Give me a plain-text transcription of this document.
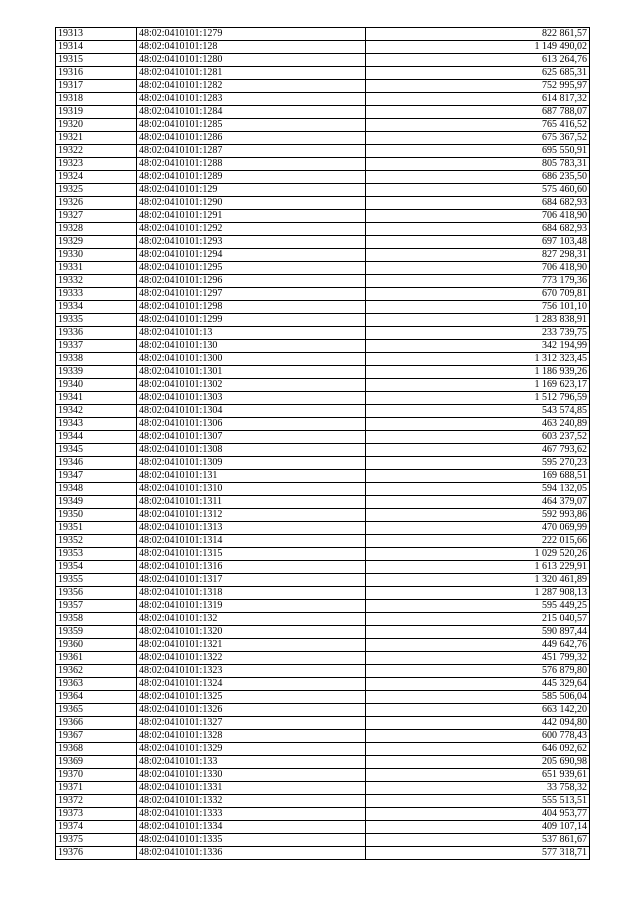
19313	48:02:0410101:1279	822 861,57
19314	48:02:0410101:128	1 149 490,02
19315	48:02:0410101:1280	613 264,76
19316	48:02:0410101:1281	625 685,31
19317	48:02:0410101:1282	752 995,97
19318	48:02:0410101:1283	614 817,32
19319	48:02:0410101:1284	687 788,07
19320	48:02:0410101:1285	765 416,52
19321	48:02:0410101:1286	675 367,52
19322	48:02:0410101:1287	695 550,91
19323	48:02:0410101:1288	805 783,31
19324	48:02:0410101:1289	686 235,50
19325	48:02:0410101:129	575 460,60
19326	48:02:0410101:1290	684 682,93
19327	48:02:0410101:1291	706 418,90
19328	48:02:0410101:1292	684 682,93
19329	48:02:0410101:1293	697 103,48
19330	48:02:0410101:1294	827 298,31
19331	48:02:0410101:1295	706 418,90
19332	48:02:0410101:1296	773 179,36
19333	48:02:0410101:1297	670 709,81
19334	48:02:0410101:1298	756 101,10
19335	48:02:0410101:1299	1 283 838,91
19336	48:02:0410101:13	233 739,75
19337	48:02:0410101:130	342 194,99
19338	48:02:0410101:1300	1 312 323,45
19339	48:02:0410101:1301	1 186 939,26
19340	48:02:0410101:1302	1 169 623,17
19341	48:02:0410101:1303	1 512 796,59
19342	48:02:0410101:1304	543 574,85
19343	48:02:0410101:1306	463 240,89
19344	48:02:0410101:1307	603 237,52
19345	48:02:0410101:1308	467 793,62
19346	48:02:0410101:1309	595 270,23
19347	48:02:0410101:131	169 688,51
19348	48:02:0410101:1310	594 132,05
19349	48:02:0410101:1311	464 379,07
19350	48:02:0410101:1312	592 993,86
19351	48:02:0410101:1313	470 069,99
19352	48:02:0410101:1314	222 015,66
19353	48:02:0410101:1315	1 029 520,26
19354	48:02:0410101:1316	1 613 229,91
19355	48:02:0410101:1317	1 320 461,89
19356	48:02:0410101:1318	1 287 908,13
19357	48:02:0410101:1319	595 449,25
19358	48:02:0410101:132	215 040,57
19359	48:02:0410101:1320	590 897,44
19360	48:02:0410101:1321	449 642,76
19361	48:02:0410101:1322	451 799,32
19362	48:02:0410101:1323	576 879,80
19363	48:02:0410101:1324	445 329,64
19364	48:02:0410101:1325	585 506,04
19365	48:02:0410101:1326	663 142,20
19366	48:02:0410101:1327	442 094,80
19367	48:02:0410101:1328	600 778,43
19368	48:02:0410101:1329	646 092,62
19369	48:02:0410101:133	205 690,98
19370	48:02:0410101:1330	651 939,61
19371	48:02:0410101:1331	33 758,32
19372	48:02:0410101:1332	555 513,51
19373	48:02:0410101:1333	404 953,77
19374	48:02:0410101:1334	409 107,14
19375	48:02:0410101:1335	537 861,67
19376	48:02:0410101:1336	577 318,71
